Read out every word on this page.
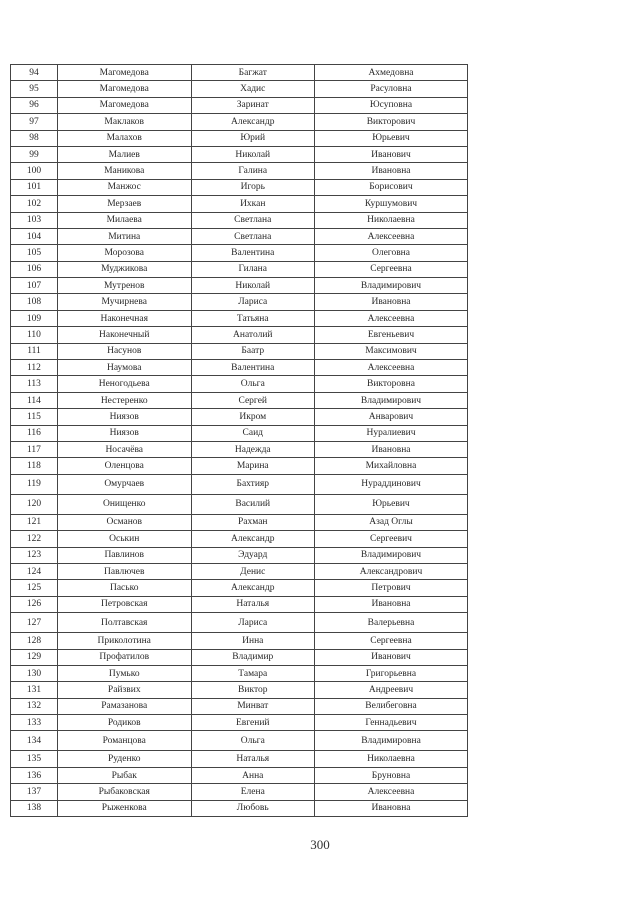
94	Магомедова	Багжат	Ахмедовна
95	Магомедова	Хадис	Расуловна
96	Магомедова	Заринат	Юсуповна
97	Маклаков	Александр	Викторович
98	Малахов	Юрий	Юрьевич
99	Малиев	Николай	Иванович
100	Маникова	Галина	Ивановна
101	Манжос	Игорь	Борисович
102	Мерзаев	Ихкан	Куршумович
103	Милаева	Светлана	Николаевна
104	Митина	Светлана	Алексеевна
105	Морозова	Валентина	Олеговна
106	Муджикова	Гилана	Сергеевна
107	Мутренов	Николай	Владимирович
108	Мучирнева	Лариса	Ивановна
109	Наконечная	Татьяна	Алексеевна
110	Наконечный	Анатолий	Евгеньевич
111	Насунов	Баатр	Максимович
112	Наумова	Валентина	Алексеевна
113	Неногодьева	Ольга	Викторовна
114	Нестеренко	Сергей	Владимирович
115	Ниязов	Икром	Анварович
116	Ниязов	Саид	Нуралиевич
117	Носачёва	Надежда	Ивановна
118	Оленцова	Марина	Михайловна
119	Омурчаев	Бахтияр	Нураддинович
120	Онищенко	Василий	Юрьевич
121	Османов	Рахман	Азад Оглы
122	Оськин	Александр	Сергеевич
123	Павлинов	Эдуард	Владимирович
124	Павлючев	Денис	Александрович
125	Пасько	Александр	Петрович
126	Петровская	Наталья	Ивановна
127	Полтавская	Лариса	Валерьевна
128	Приколотина	Инна	Сергеевна
129	Профатилов	Владимир	Иванович
130	Пумько	Тамара	Григорьевна
131	Райзвих	Виктор	Андреевич
132	Рамазанова	Минват	Велибеговна
133	Родиков	Евгений	Геннадьевич
134	Романцова	Ольга	Владимировна
135	Руденко	Наталья	Николаевна
136	Рыбак	Анна	Бруновна
137	Рыбаковская	Елена	Алексеевна
138	Рыженкова	Любовь	Ивановна
300
